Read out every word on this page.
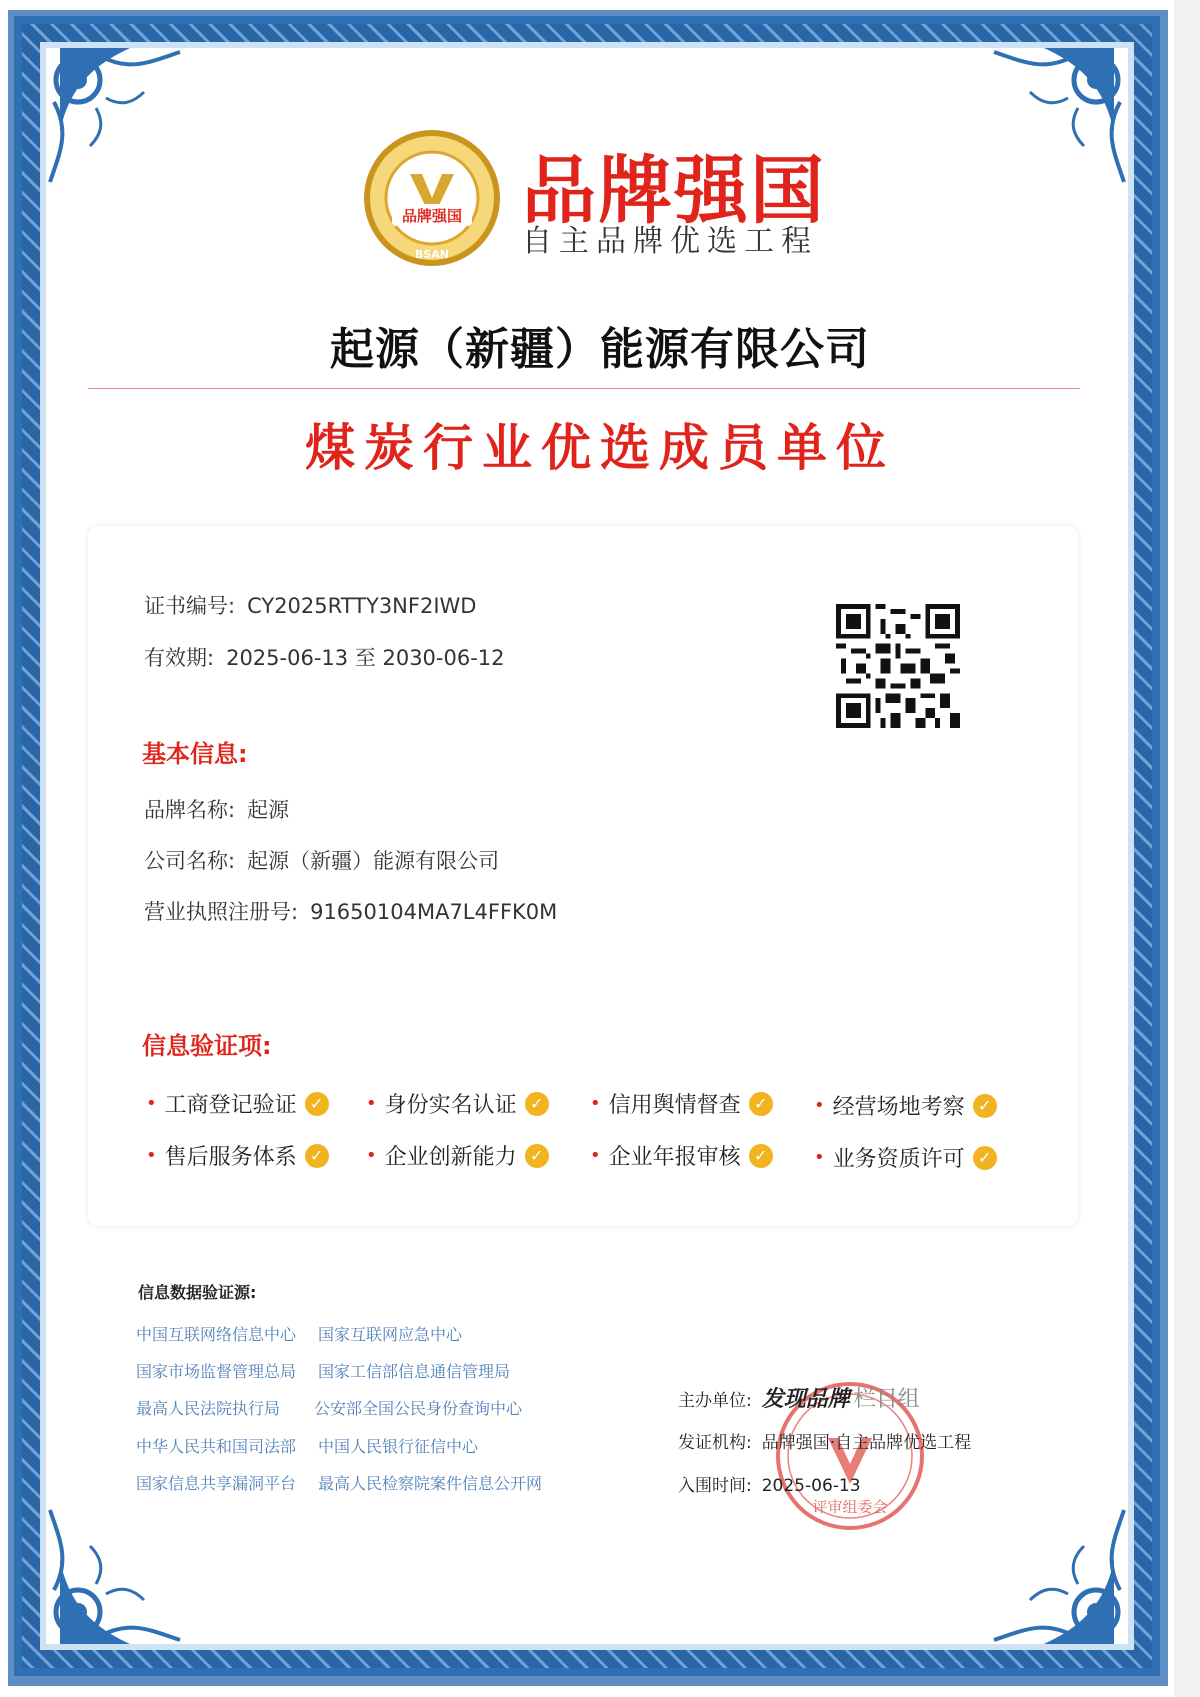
品牌强国
BSAN
品牌强国
自主品牌优选工程
起源（新疆）能源有限公司
煤炭行业优选成员单位
证书编号: CY2025RTTY3NF2IWD
有效期: 2025-06-13 至 2030-06-12
基本信息:
品牌名称: 起源
公司名称: 起源（新疆）能源有限公司
营业执照注册号: 91650104MA7L4FFK0M
信息验证项:
• 工商登记验证 ✓ • 身份实名认证 ✓	• 信用舆情督查 ✓	• 经营场地考察 ✓
• 售后服务体系 ✓ • 企业创新能力 ✓	• 企业年报审核 ✓	• 业务资质许可 ✓
信息数据验证源:
中国互联网络信息中心 国家互联网应急中心
国家市场监督管理总局 国家工信部信息通信管理局
最高人民法院执行局 公安部全国公民身份查询中心
中华人民共和国司法部 中国人民银行征信中心
国家信息共享漏洞平台 最高人民检察院案件信息公开网
评审组委会
主办单位: 发现品牌 栏目组
发证机构: 品牌强国·自主品牌优选工程
入围时间: 2025-06-13
